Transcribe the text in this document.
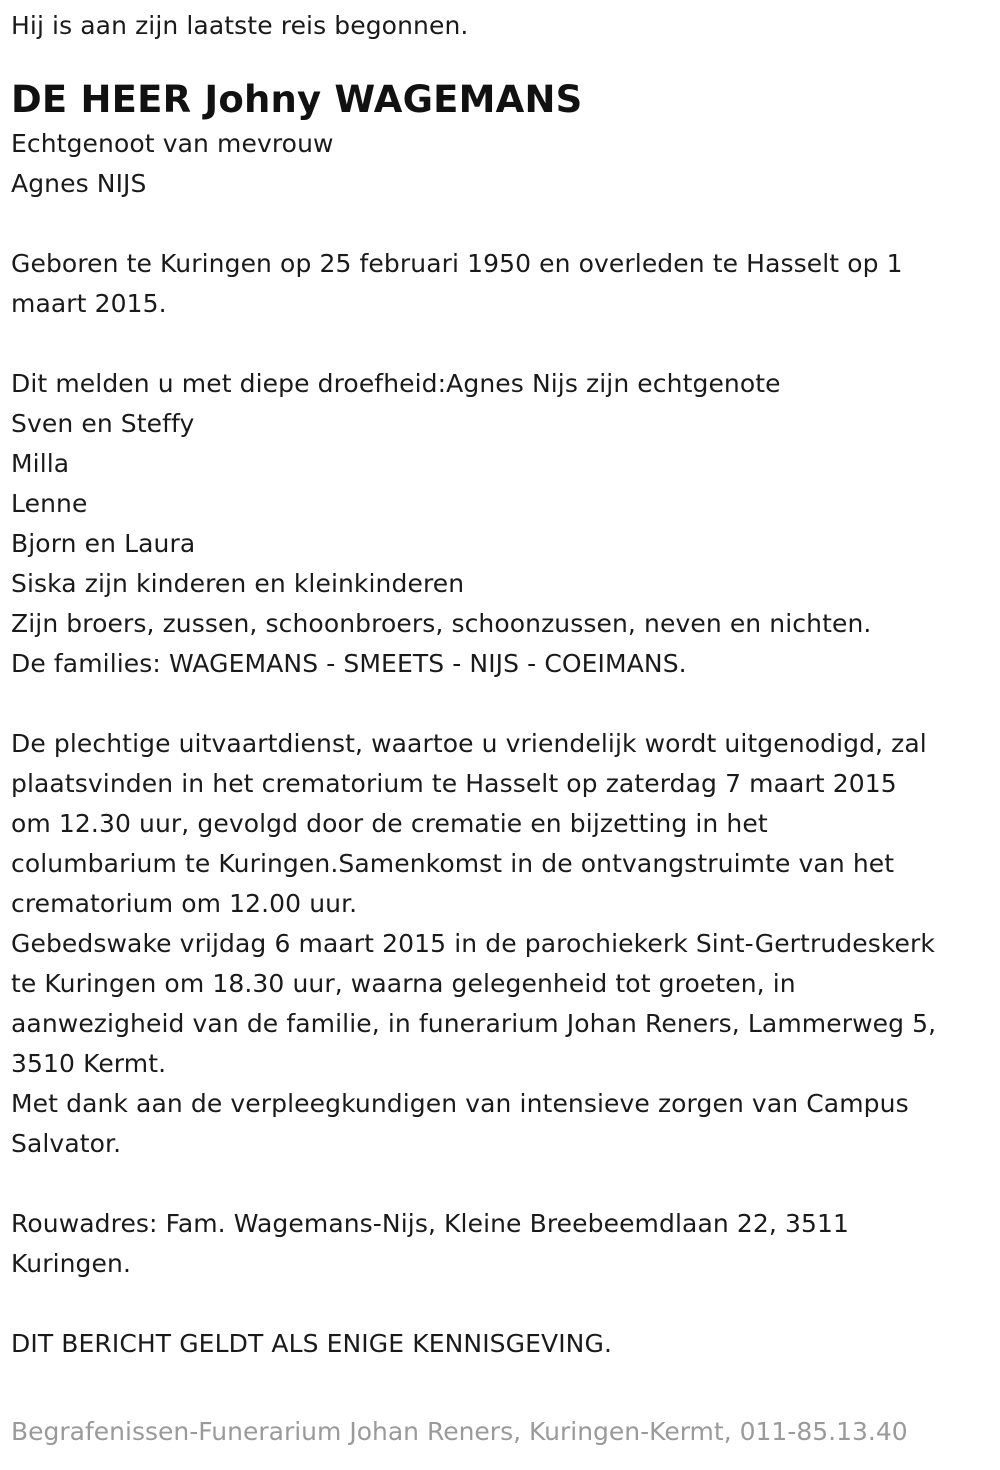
Hij is aan zijn laatste reis begonnen.

DE HEER Johny WAGEMANS

Echtgenoot van mevrouw

Agnes NIJS

Geboren te Kuringen op 25 februari 1950 en overleden te Hasselt op 1

maart 2015.

Dit melden u met diepe droefheid:Agnes Nijs zijn echtgenote

Sven en Steffy

Milla

Lenne

Bjorn en Laura

Siska zijn kinderen en kleinkinderen

Zijn broers, zussen, schoonbroers, schoonzussen, neven en nichten.

De families: WAGEMANS - SMEETS - NIJS - COEIMANS.

De plechtige uitvaartdienst, waartoe u vriendelijk wordt uitgenodigd, zal

plaatsvinden in het crematorium te Hasselt op zaterdag 7 maart 2015

om 12.30 uur, gevolgd door de crematie en bijzetting in het

columbarium te Kuringen.Samenkomst in de ontvangstruimte van het

crematorium om 12.00 uur.

Gebedswake vrijdag 6 maart 2015 in de parochiekerk Sint-Gertrudeskerk

te Kuringen om 18.30 uur, waarna gelegenheid tot groeten, in

aanwezigheid van de familie, in funerarium Johan Reners, Lammerweg 5,

3510 Kermt.

Met dank aan de verpleegkundigen van intensieve zorgen van Campus

Salvator.

Rouwadres: Fam. Wagemans-Nijs, Kleine Breebeemdlaan 22, 3511

Kuringen.

DIT BERICHT GELDT ALS ENIGE KENNISGEVING.

Begrafenissen-Funerarium Johan Reners, Kuringen-Kermt, 011-85.13.40
